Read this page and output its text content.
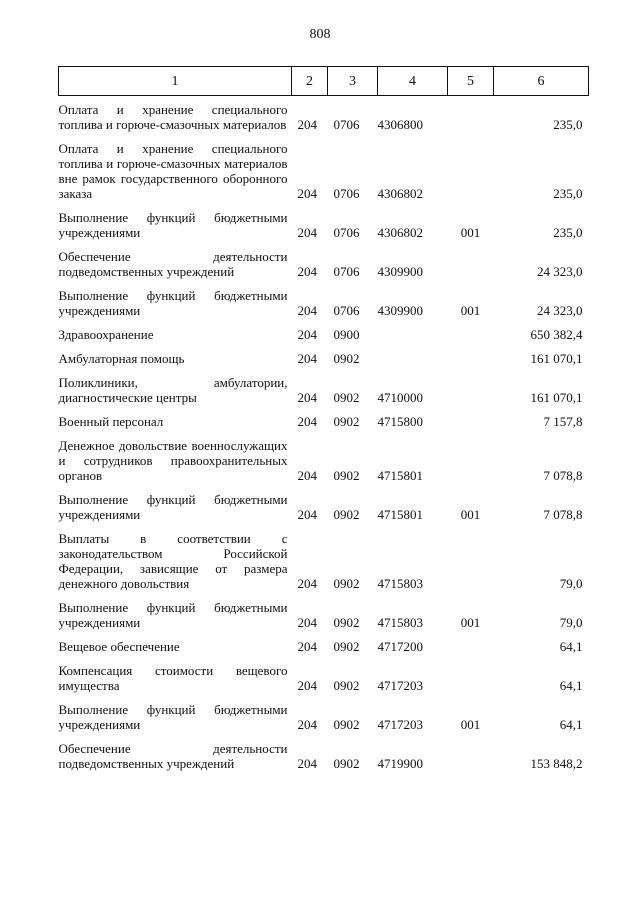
808
1	2	3	4	5	6
Оплата и хранение специального топлива и горюче-смазочных материалов	204	0706	4306800		235,0
Оплата и хранение специального топлива и горюче-смазочных материалов вне рамок государственного оборонного заказа	204	0706	4306802		235,0
Выполнение функций бюджетными учреждениями	204	0706	4306802	001	235,0
Обеспечение деятельности подведомственных учреждений	204	0706	4309900		24 323,0
Выполнение функций бюджетными учреждениями	204	0706	4309900	001	24 323,0
Здравоохранение	204	0900			650 382,4
Амбулаторная помощь	204	0902			161 070,1
Поликлиники, амбулатории, диагностические центры	204	0902	4710000		161 070,1
Военный персонал	204	0902	4715800		7 157,8
Денежное довольствие военнослужащих и сотрудников правоохранительных органов	204	0902	4715801		7 078,8
Выполнение функций бюджетными учреждениями	204	0902	4715801	001	7 078,8
Выплаты в соответствии с законодательством Российской Федерации, зависящие от размера денежного довольствия	204	0902	4715803		79,0
Выполнение функций бюджетными учреждениями	204	0902	4715803	001	79,0
Вещевое обеспечение	204	0902	4717200		64,1
Компенсация стоимости вещевого имущества	204	0902	4717203		64,1
Выполнение функций бюджетными учреждениями	204	0902	4717203	001	64,1
Обеспечение деятельности подведомственных учреждений	204	0902	4719900		153 848,2
